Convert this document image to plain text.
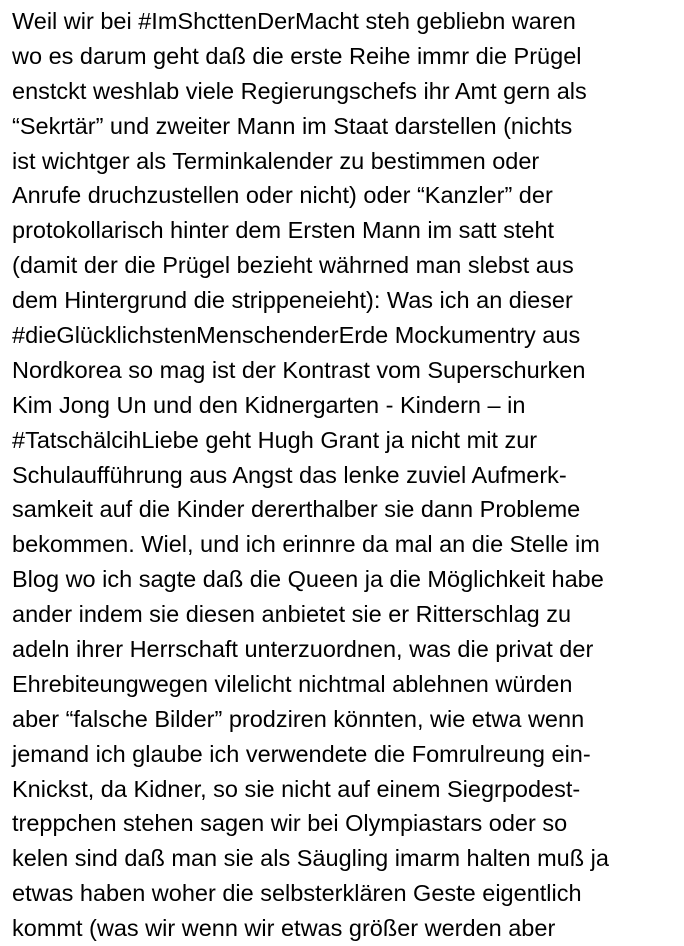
Weil wir bei #ImShcttenDerMacht steh gebliebn waren
wo es darum geht daß die erste Reihe immr die Prügel
enstckt weshlab viele Regierungschefs ihr Amt gern als
“Sekrtär” und zweiter Mann im Staat darstellen (nichts
ist wichtger als Terminkalender zu bestimmen oder
Anrufe druchzustellen oder nicht) oder “Kanzler” der
protokollarisch hinter dem Ersten Mann im satt steht
(damit der die Prügel bezieht währned man slebst aus
dem Hintergrund die strippeneieht): Was ich an dieser
#dieGlücklichstenMenschenderErde Mockumentry aus
Nordkorea so mag ist der Kontrast vom Superschurken
Kim Jong Un und den Kidnergarten - Kindern – in
#TatschälcihLiebe geht Hugh Grant ja nicht mit zur
Schulaufführung aus Angst das lenke zuviel Aufmerk-
samkeit auf die Kinder dererthalber sie dann Probleme
bekommen. Wiel, und ich erinnre da mal an die Stelle im
Blog wo ich sagte daß die Queen ja die Möglichkeit habe
ander indem sie diesen anbietet sie er Ritterschlag zu
adeln ihrer Herrschaft unterzuordnen, was die privat der
Ehrebiteungwegen vilelicht nichtmal ablehnen würden
aber “falsche Bilder” prodziren könnten, wie etwa wenn
jemand ich glaube ich verwendete die Fomrulreung ein-
Knickst, da Kidner, so sie nicht auf einem Siegrpodest-
treppchen stehen sagen wir bei Olympiastars oder so
kelen sind daß man sie als Säugling imarm halten muß ja
etwas haben woher die selbsterklären Geste eigentlich
kommt (was wir wenn wir etwas größer werden aber
